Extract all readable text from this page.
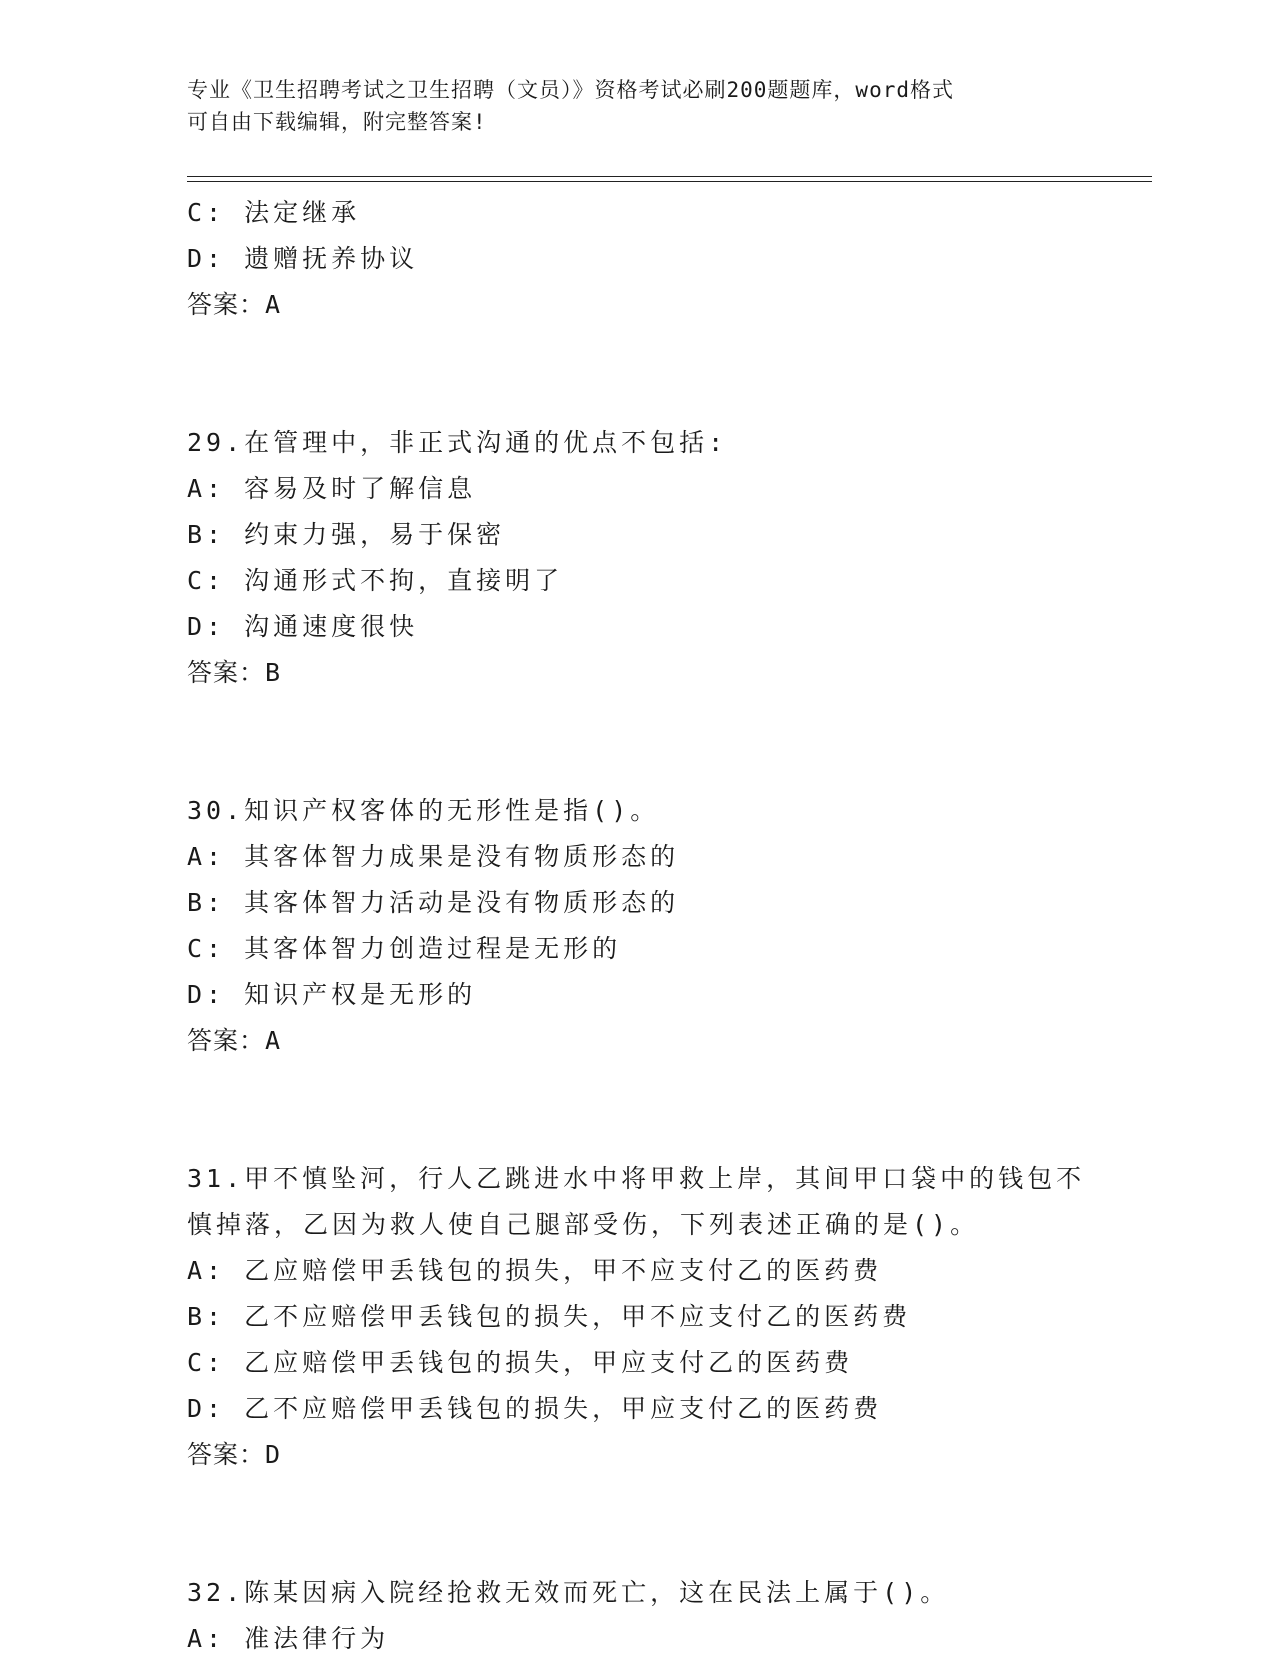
专业《卫生招聘考试之卫生招聘（文员）》资格考试必刷200题题库，word格式
可自由下载编辑，附完整答案!
C: 法定继承
D: 遗赠抚养协议
答案：A
29.在管理中，非正式沟通的优点不包括:
A: 容易及时了解信息
B: 约束力强，易于保密
C: 沟通形式不拘，直接明了
D: 沟通速度很快
答案：B
30.知识产权客体的无形性是指()。
A: 其客体智力成果是没有物质形态的
B: 其客体智力活动是没有物质形态的
C: 其客体智力创造过程是无形的
D: 知识产权是无形的
答案：A
31.甲不慎坠河，行人乙跳进水中将甲救上岸，其间甲口袋中的钱包不
慎掉落，乙因为救人使自己腿部受伤，下列表述正确的是()。
A: 乙应赔偿甲丢钱包的损失，甲不应支付乙的医药费
B: 乙不应赔偿甲丢钱包的损失，甲不应支付乙的医药费
C: 乙应赔偿甲丢钱包的损失，甲应支付乙的医药费
D: 乙不应赔偿甲丢钱包的损失，甲应支付乙的医药费
答案：D
32.陈某因病入院经抢救无效而死亡，这在民法上属于()。
A: 准法律行为
